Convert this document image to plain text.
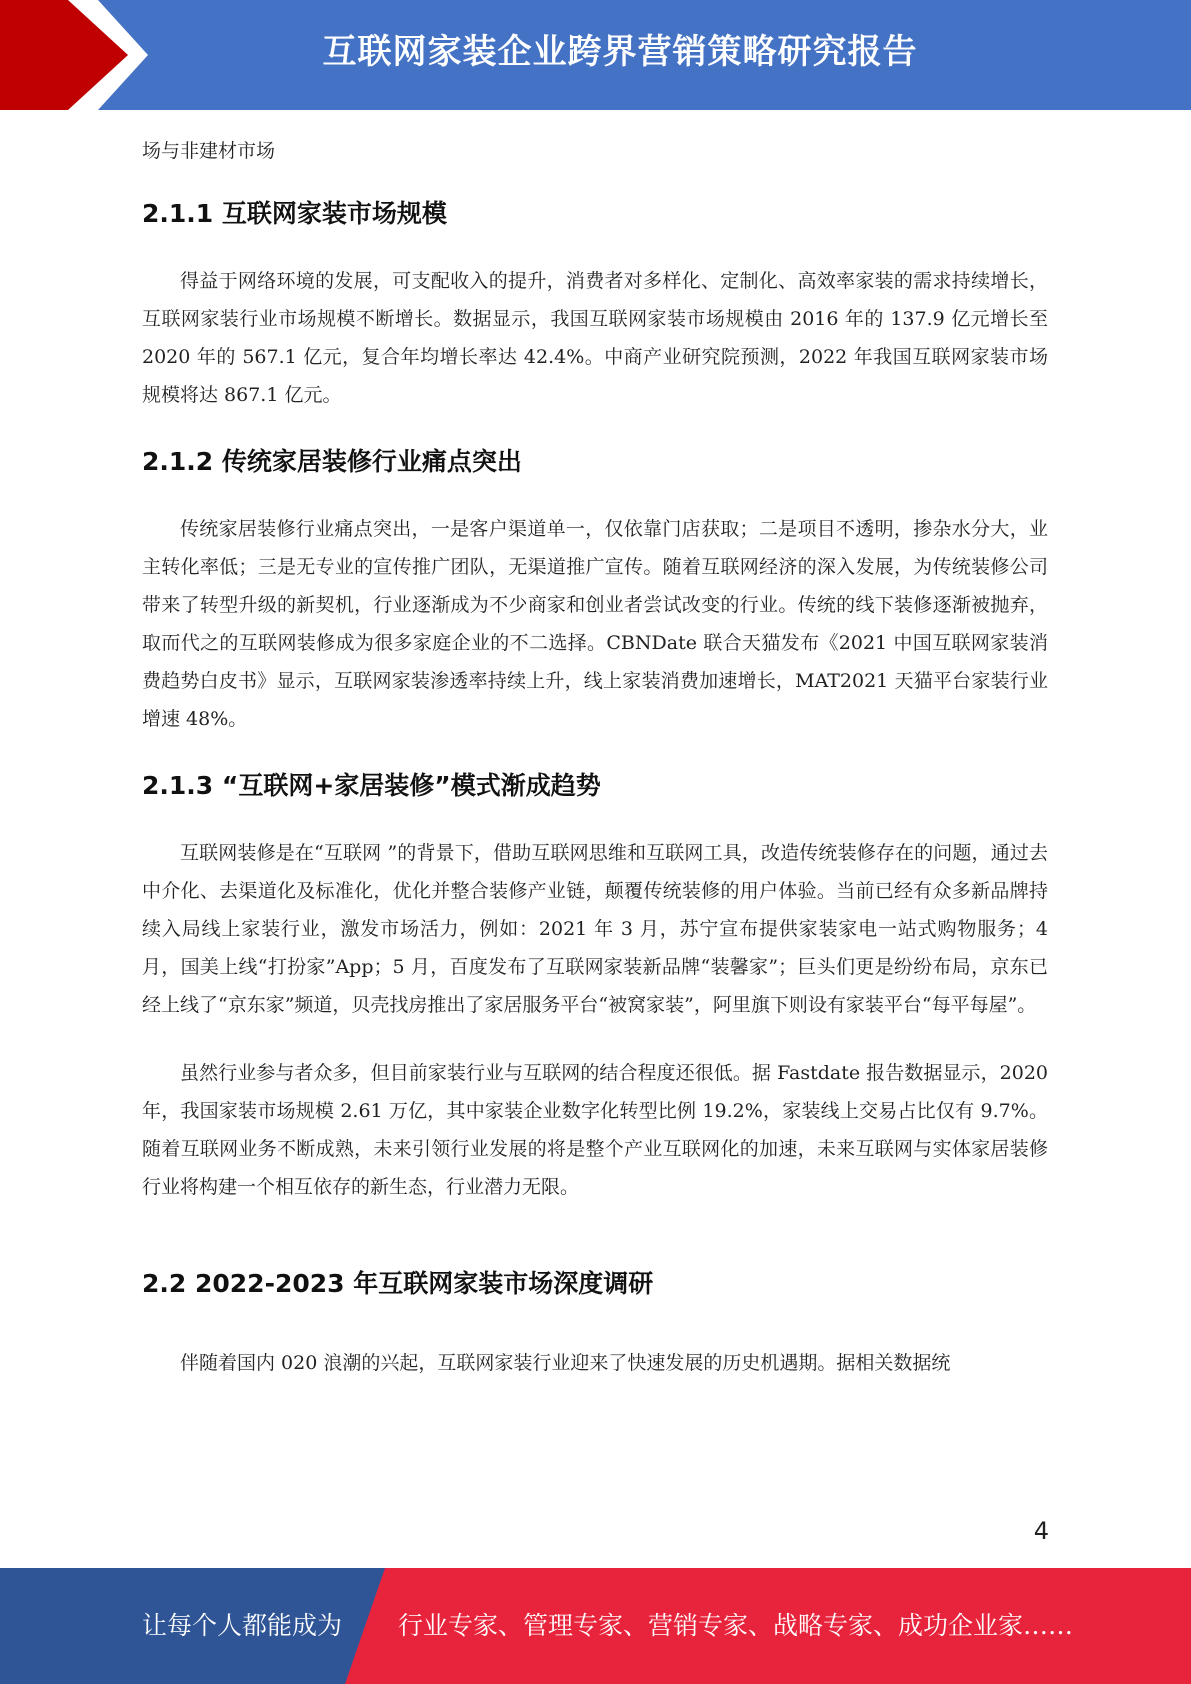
互联网家装企业跨界营销策略研究报告

场与非建材市场

2.1.1 互联网家装市场规模

得益于网络环境的发展，可支配收入的提升，消费者对多样化、定制化、高效率家装的需求持续增长，互联网家装行业市场规模不断增长。数据显示，我国互联网家装市场规模由 2016 年的 137.9 亿元增长至 2020 年的 567.1 亿元，复合年均增长率达 42.4%。中商产业研究院预测，2022 年我国互联网家装市场规模将达 867.1 亿元。

2.1.2 传统家居装修行业痛点突出

传统家居装修行业痛点突出，一是客户渠道单一，仅依靠门店获取；二是项目不透明，掺杂水分大，业主转化率低；三是无专业的宣传推广团队，无渠道推广宣传。随着互联网经济的深入发展，为传统装修公司带来了转型升级的新契机，行业逐渐成为不少商家和创业者尝试改变的行业。传统的线下装修逐渐被抛弃，取而代之的互联网装修成为很多家庭企业的不二选择。CBNDate 联合天猫发布《2021 中国互联网家装消费趋势白皮书》显示，互联网家装渗透率持续上升，线上家装消费加速增长，MAT2021 天猫平台家装行业增速 48%。

2.1.3 “互联网+家居装修”模式渐成趋势

互联网装修是在“互联网 ”的背景下，借助互联网思维和互联网工具，改造传统装修存在的问题，通过去中介化、去渠道化及标准化，优化并整合装修产业链，颠覆传统装修的用户体验。当前已经有众多新品牌持续入局线上家装行业，激发市场活力，例如：2021 年 3 月，苏宁宣布提供家装家电一站式购物服务；4 月，国美上线“打扮家”App；5 月，百度发布了互联网家装新品牌“装馨家”；巨头们更是纷纷布局，京东已经上线了“京东家”频道，贝壳找房推出了家居服务平台“被窝家装”，阿里旗下则设有家装平台“每平每屋”。

虽然行业参与者众多，但目前家装行业与互联网的结合程度还很低。据 Fastdate 报告数据显示，2020 年，我国家装市场规模 2.61 万亿，其中家装企业数字化转型比例 19.2%，家装线上交易占比仅有 9.7%。随着互联网业务不断成熟，未来引领行业发展的将是整个产业互联网化的加速，未来互联网与实体家居装修行业将构建一个相互依存的新生态，行业潜力无限。

2.2 2022-2023 年互联网家装市场深度调研

伴随着国内 020 浪潮的兴起，互联网家装行业迎来了快速发展的历史机遇期。据相关数据统

4
让每个人都能成为 行业专家、管理专家、营销专家、战略专家、成功企业家……
